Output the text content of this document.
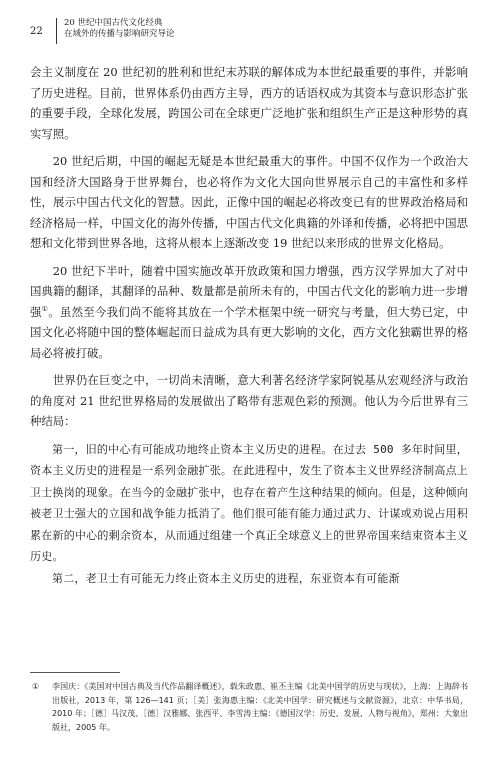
22
20 世纪中国古代文化经典
在域外的传播与影响研究导论

会主义制度在 20 世纪初的胜利和世纪末苏联的解体成为本世纪最重要的事件，并影响了历史进程。目前，世界体系仍由西方主导，西方的话语权成为其资本与意识形态扩张的重要手段，全球化发展，跨国公司在全球更广泛地扩张和组织生产正是这种形势的真实写照。

20 世纪后期，中国的崛起无疑是本世纪最重大的事件。中国不仅作为一个政治大国和经济大国路身于世界舞台，也必将作为文化大国向世界展示自己的丰富性和多样性，展示中国古代文化的智慧。因此，正像中国的崛起必将改变已有的世界政治格局和经济格局一样，中国文化的海外传播，中国古代文化典籍的外译和传播，必将把中国思想和文化带到世界各地，这将从根本上逐渐改变 19 世纪以来形成的世界文化格局。

20 世纪下半叶，随着中国实施改革开放政策和国力增强，西方汉学界加大了对中国典籍的翻译，其翻译的品种、数量都是前所未有的，中国古代文化的影响力进一步增强①。虽然至今我们尚不能将其放在一个学术框架中统一研究与考量，但大势已定，中国文化必将随中国的整体崛起而日益成为具有更大影响的文化，西方文化独霸世界的格局必将被打破。

世界仍在巨变之中，一切尚未清晰，意大利著名经济学家阿锐基从宏观经济与政治的角度对 21 世纪世界格局的发展做出了略带有悲观色彩的预测。他认为今后世界有三种结局：

第一，旧的中心有可能成功地终止资本主义历史的进程。在过去 500 多年时间里，资本主义历史的进程是一系列金融扩张。在此进程中，发生了资本主义世界经济制高点上卫士换岗的现象。在当今的金融扩张中，也存在着产生这种结果的倾向。但是，这种倾向被老卫士强大的立国和战争能力抵消了。他们很可能有能力通过武力、计谋或劝说占用积累在新的中心的剩余资本，从而通过组建一个真正全球意义上的世界帝国来结束资本主义历史。

第二，老卫士有可能无力终止资本主义历史的进程，东亚资本有可能渐

① 李国庆：《美国对中国古典及当代作品翻译概述》，载朱政惠、崔丕主编《北美中国学的历史与现状》，上海：上海辞书出版社，2013 年，第 126—141 页；［美］张海惠主编：《北美中国学：研究概述与文献资源》，北京：中华书局，2010 年；［德］马汉茂、［德］汉雅娜、张西平、李雪涛主编：《德国汉学：历史、发展、人物与视角》，郑州：大象出版社，2005 年。
